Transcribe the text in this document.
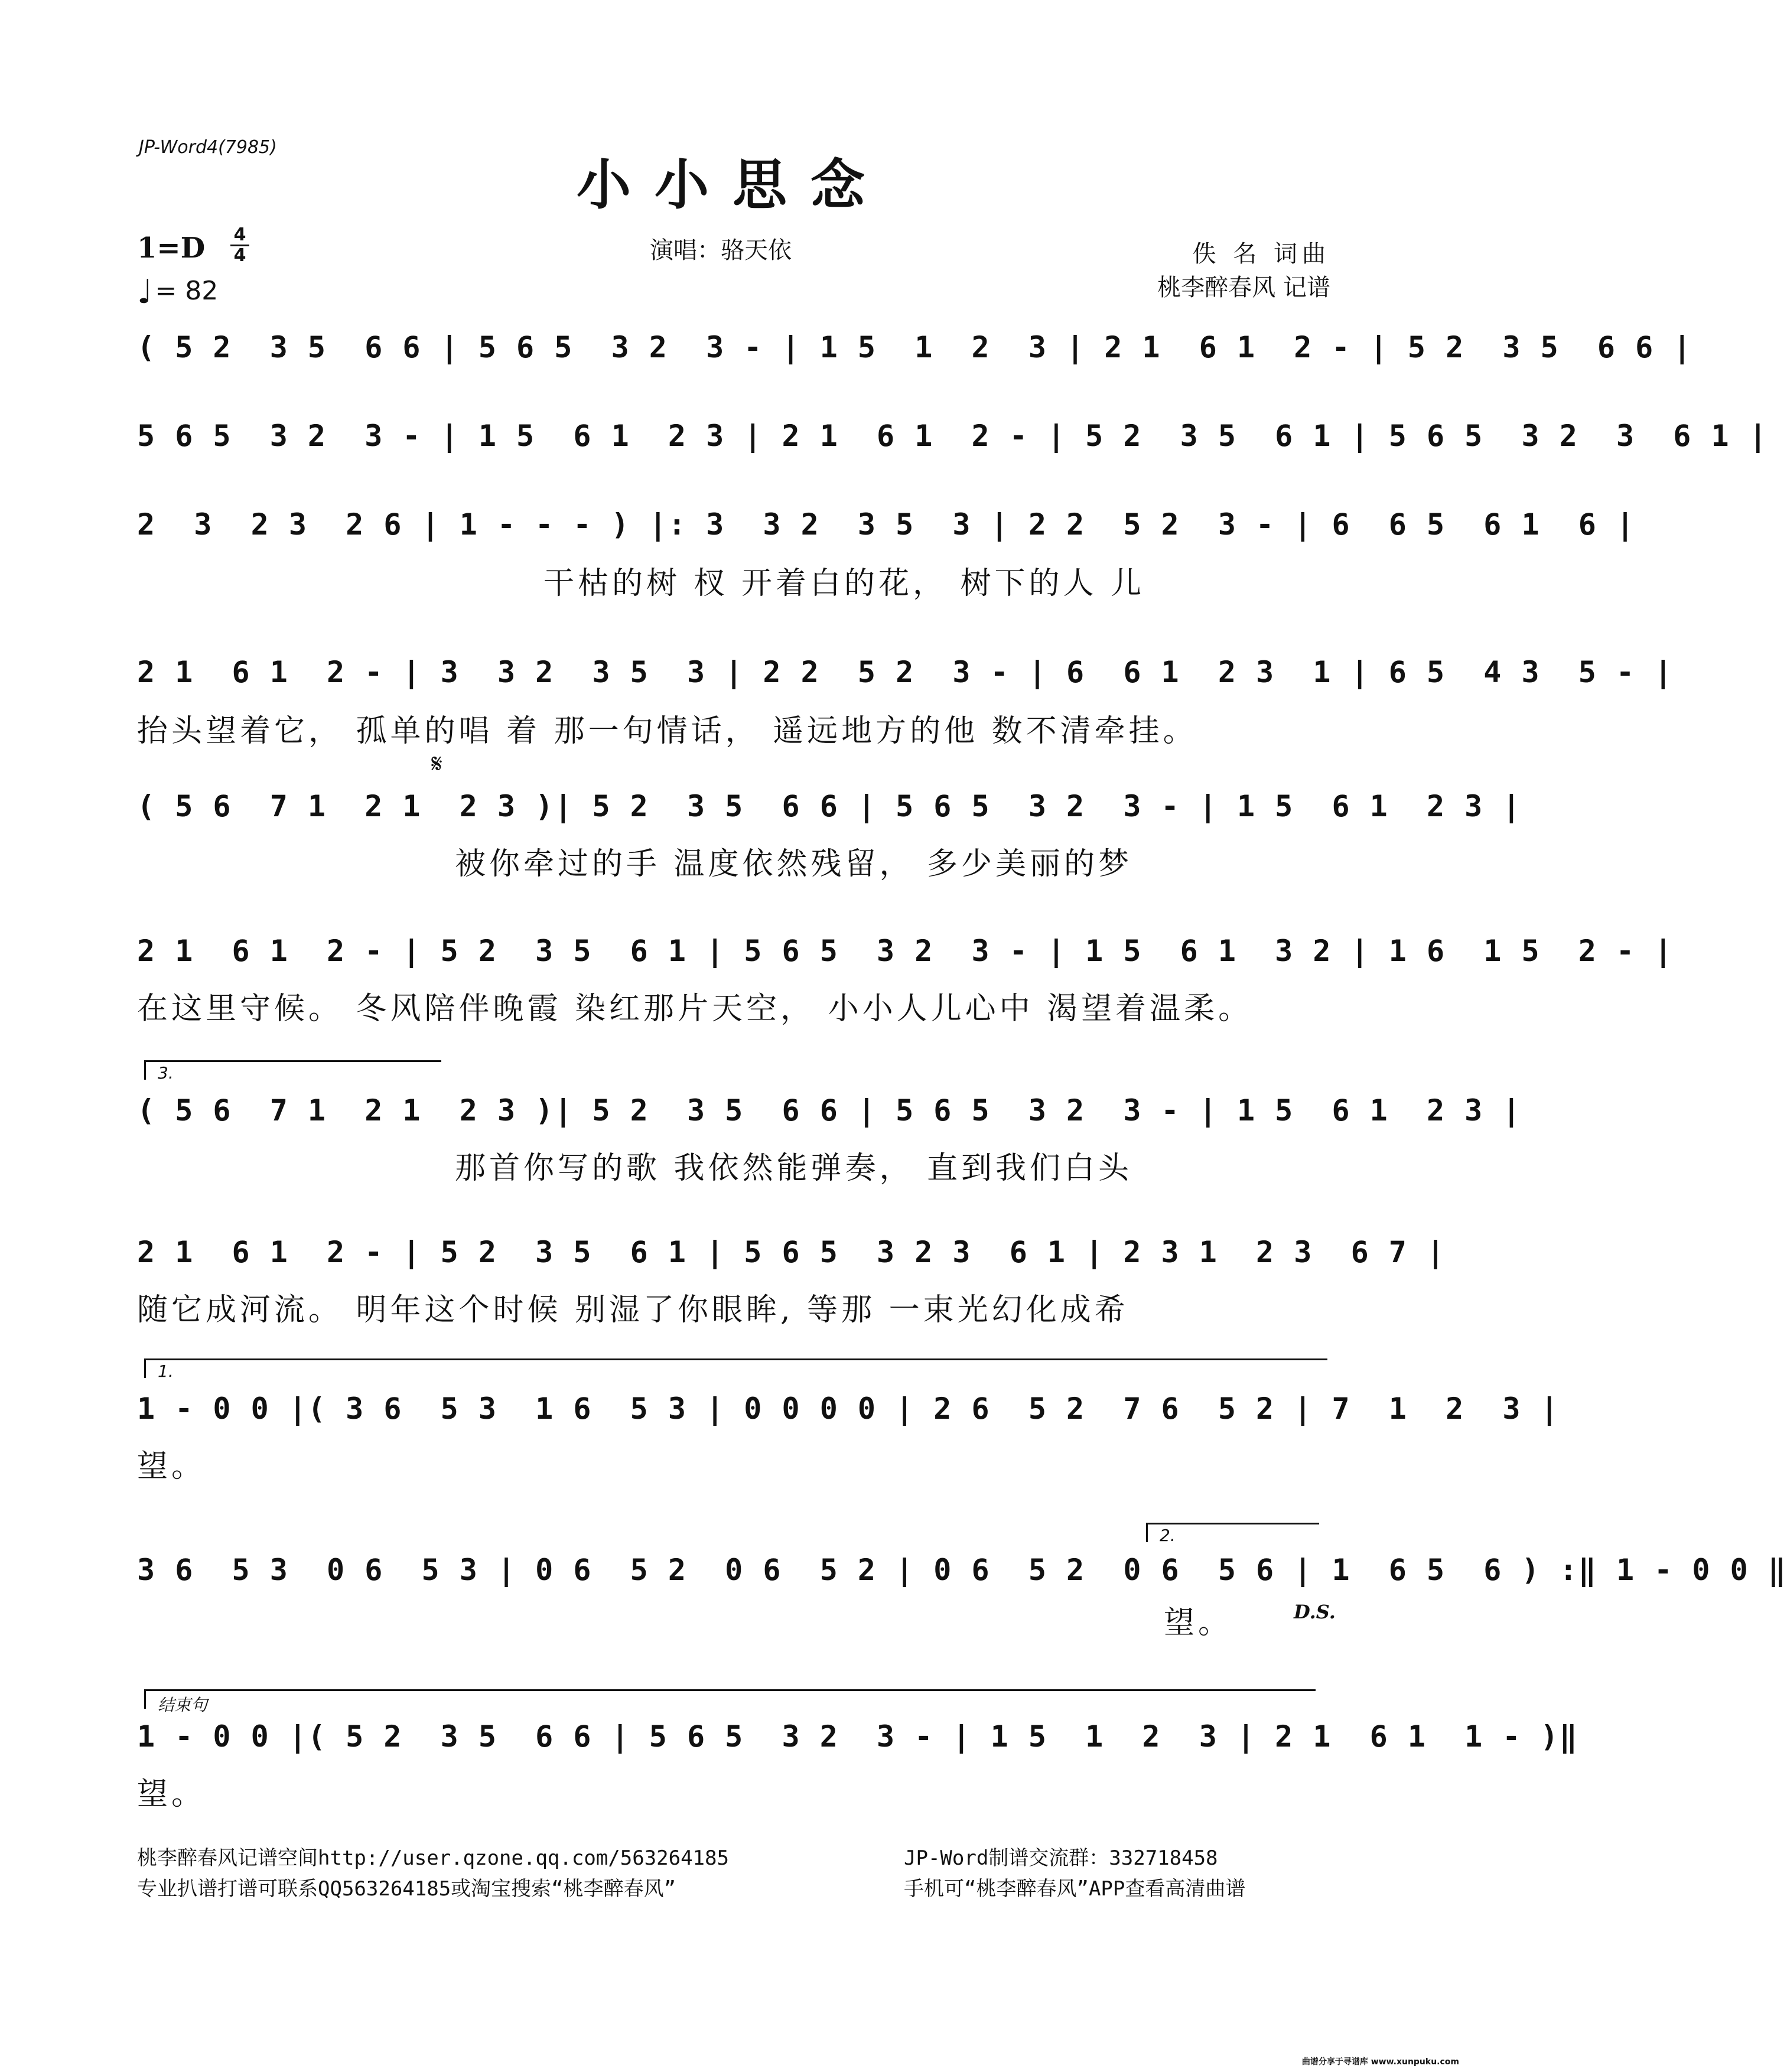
JP-Word4(7985)
小小思念
1=D	4
4
♩= 82
演唱：骆天依	佚 名 词曲
桃李醉春风 记谱
( 5 2  3 5  6 6 | 5 6 5  3 2  3 - | 1 5  1  2  3 | 2 1  6 1  2 - | 5 2  3 5  6 6 |
5 6 5  3 2  3 - | 1 5  6 1  2 3 | 2 1  6 1  2 - | 5 2  3 5  6 1 | 5 6 5  3 2  3  6 1 |
2  3  2 3  2 6 | 1 - - - ) |: 3  3 2  3 5  3 | 2 2  5 2  3 - | 6  6 5  6 1  6 |
干枯的树 杈 开着白的花， 树下的人 儿
2 1  6 1  2 - | 3  3 2  3 5  3 | 2 2  5 2  3 - | 6  6 1  2 3  1 | 6 5  4 3  5 - |
抬头望着它， 孤单的唱 着 那一句情话， 遥远地方的他 数不清牵挂。
𝄋
( 5 6  7 1  2 1  2 3 )| 5 2  3 5  6 6 | 5 6 5  3 2  3 - | 1 5  6 1  2 3 |
被你牵过的手 温度依然残留， 多少美丽的梦
2 1  6 1  2 - | 5 2  3 5  6 1 | 5 6 5  3 2  3 - | 1 5  6 1  3 2 | 1 6  1 5  2 - |
在这里守候。 冬风陪伴晚霞 染红那片天空， 小小人儿心中 渴望着温柔。
3.
( 5 6  7 1  2 1  2 3 )| 5 2  3 5  6 6 | 5 6 5  3 2  3 - | 1 5  6 1  2 3 |
那首你写的歌 我依然能弹奏， 直到我们白头
2 1  6 1  2 - | 5 2  3 5  6 1 | 5 6 5  3 2 3  6 1 | 2 3 1  2 3  6 7 |
随它成河流。 明年这个时候 别湿了你眼眸, 等那 一束光幻化成希
1.
1 - 0 0 |( 3 6  5 3  1 6  5 3 | 0 0 0 0 | 2 6  5 2  7 6  5 2 | 7  1  2  3 |
望。
2.
3 6  5 3  0 6  5 3 | 0 6  5 2  0 6  5 2 | 0 6  5 2  0 6  5 6 | 1  6 5  6 ) :‖ 1 - 0 0 ‖
望。	D.S.
结束句
1 - 0 0 |( 5 2  3 5  6 6 | 5 6 5  3 2  3 - | 1 5  1  2  3 | 2 1  6 1  1 - )‖
望。
桃李醉春风记谱空间http://user.qzone.qq.com/563264185
专业扒谱打谱可联系QQ563264185或淘宝搜索“桃李醉春风”
JP-Word制谱交流群：332718458
手机可“桃李醉春风”APP查看高清曲谱
曲谱分享于寻谱库 www.xunpuku.com
